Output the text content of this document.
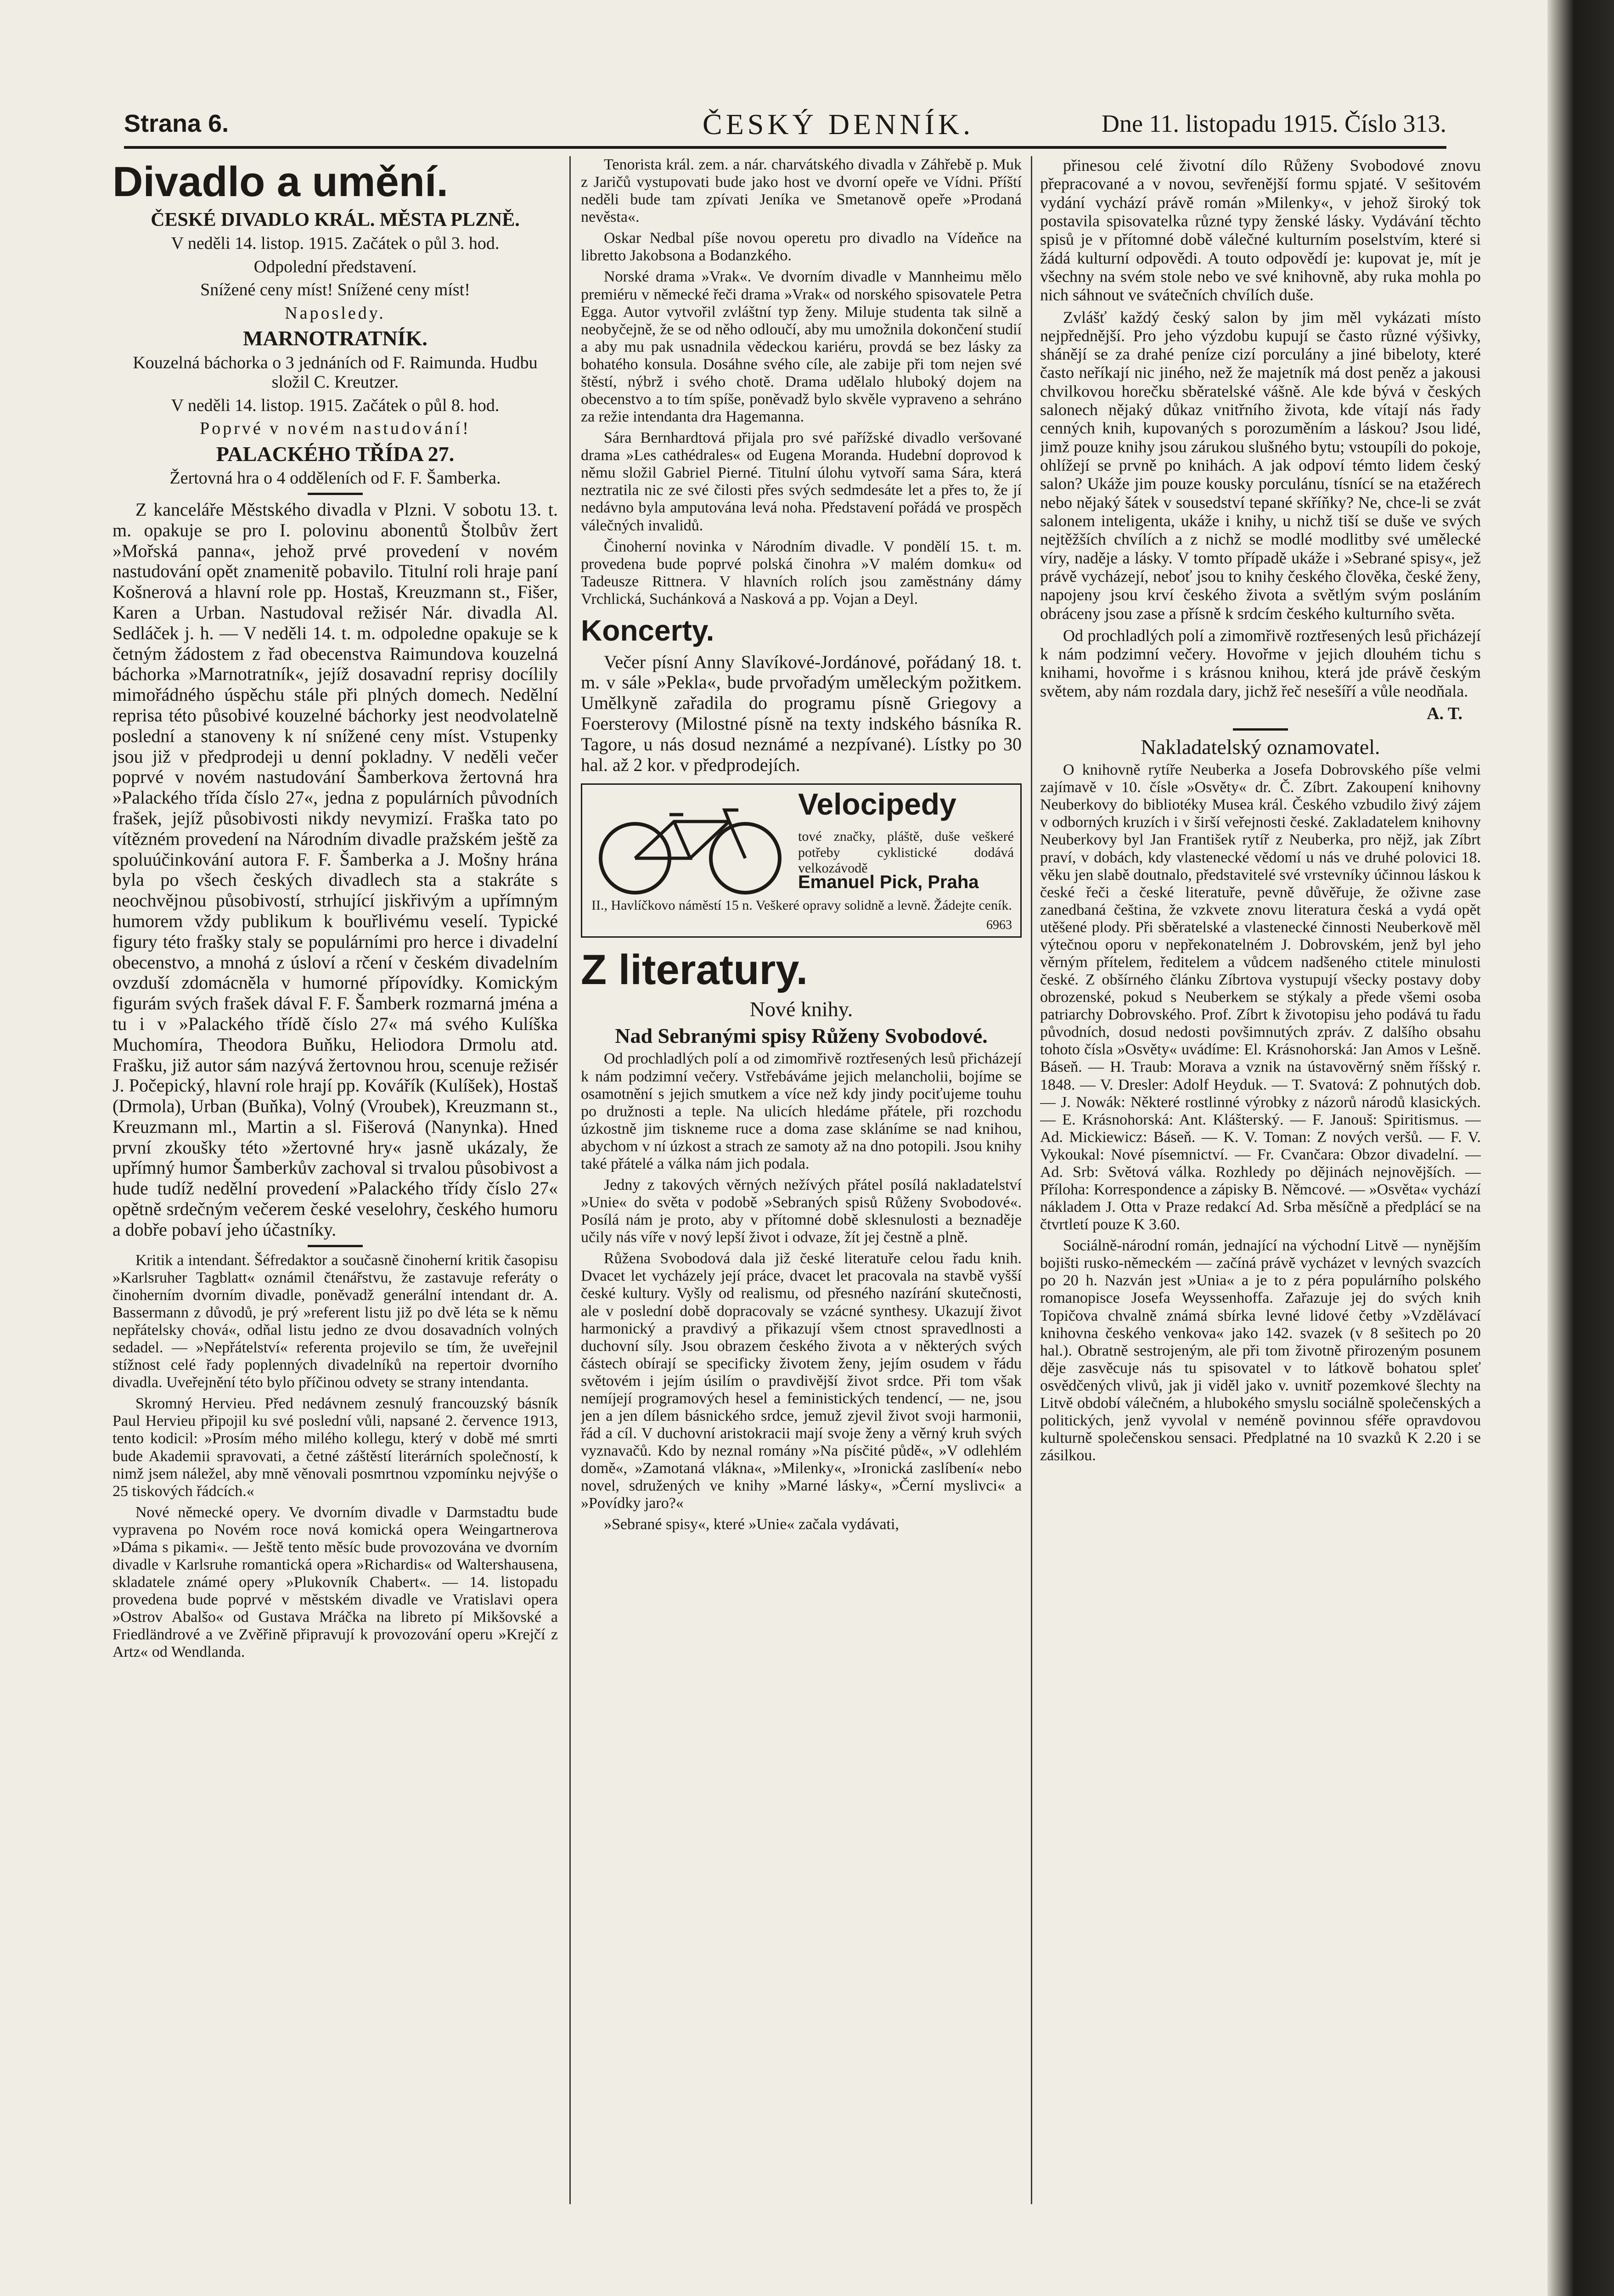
Strana 6.	ČESKÝ DENNÍK.	Dne 11. listopadu 1915. Číslo 313.
Divadlo a umění.
ČESKÉ DIVADLO KRÁL. MĚSTA PLZNĚ.

V neděli 14. listop. 1915. Začátek o půl 3. hod.

Odpolední představení.

Snížené ceny míst! Snížené ceny míst!

Naposledy.

MARNOTRATNÍK.

Kouzelná báchorka o 3 jednáních od F. Raimunda. Hudbu složil C. Kreutzer.

V neděli 14. listop. 1915. Začátek o půl 8. hod.

Poprvé v novém nastudování!

PALACKÉHO TŘÍDA 27.

Žertovná hra o 4 odděleních od F. F. Šamberka.

Z kanceláře Městského divadla v Plzni. V sobotu 13. t. m. opakuje se pro I. polovinu abonentů Štolbův žert »Mořská panna«, jehož prvé provedení v novém nastudování opět znamenitě pobavilo. Titulní roli hraje paní Košnerová a hlavní role pp. Hostaš, Kreuzmann st., Fišer, Karen a Urban. Nastudoval režisér Nár. divadla Al. Sedláček j. h. — V neděli 14. t. m. odpoledne opakuje se k četným žádostem z řad obecenstva Raimundova kouzelná báchorka »Marnotratník«, jejíž dosavadní reprisy docílily mimořádného úspěchu stále při plných domech. Nedělní reprisa této působivé kouzelné báchorky jest neodvolatelně poslední a stanoveny k ní snížené ceny míst. Vstupenky jsou již v předprodeji u denní pokladny. V neděli večer poprvé v novém nastudování Šamberkova žertovná hra »Palackého třída číslo 27«, jedna z populárních původních frašek, jejíž působivosti nikdy nevymizí. Fraška tato po vítězném provedení na Národním divadle pražském ještě za spoluúčinkování autora F. F. Šamberka a J. Mošny hrána byla po všech českých divadlech sta a stakráte s neochvějnou působivostí, strhující jiskřivým a upřímným humorem vždy publikum k bouřlivému veselí. Typické figury této frašky staly se populárními pro herce i divadelní obecenstvo, a mnohá z úsloví a rčení v českém divadelním ovzduší zdomácněla v humorné přípovídky. Komickým figurám svých frašek dával F. F. Šamberk rozmarná jména a tu i v »Palackého třídě číslo 27« má svého Kulíška Muchomíra, Theodora Buňku, Heliodora Drmolu atd. Frašku, již autor sám nazývá žertovnou hrou, scenuje režisér J. Počepický, hlavní role hrají pp. Kovářík (Kulíšek), Hostaš (Drmola), Urban (Buňka), Volný (Vroubek), Kreuzmann st., Kreuzmann ml., Martin a sl. Fišerová (Nanynka). Hned první zkoušky této »žertovné hry« jasně ukázaly, že upřímný humor Šamberkův zachoval si trvalou působivost a hude tudíž nedělní provedení »Palackého třídy číslo 27« opětně srdečným večerem české veselohry, českého humoru a dobře pobaví jeho účastníky.

Kritik a intendant. Šéfredaktor a současně činoherní kritik časopisu »Karlsruher Tagblatt« oznámil čtenářstvu, že zastavuje referáty o činoherním dvorním divadle, poněvadž generální intendant dr. A. Bassermann z důvodů, je prý »referent listu již po dvě léta se k němu nepřátelsky chová«, odňal listu jedno ze dvou dosavadních volných sedadel. — »Nepřátelství« referenta projevilo se tím, že uveřejnil stížnost celé řady poplenných divadelníků na repertoir dvorního divadla. Uveřejnění této bylo příčinou odvety se strany intendanta.

Skromný Hervieu. Před nedávnem zesnulý francouzský básník Paul Hervieu připojil ku své poslední vůli, napsané 2. července 1913, tento kodicil: »Prosím mého milého kollegu, který v době mé smrti bude Akademii spravovati, a četné záštěstí literárních společností, k nimž jsem náležel, aby mně věnovali posmrtnou vzpomínku nejvýše o 25 tiskových řádcích.«

Nové německé opery. Ve dvorním divadle v Darmstadtu bude vypravena po Novém roce nová komická opera Weingartnerova »Dáma s pikami«. — Ještě tento měsíc bude provozována ve dvorním divadle v Karlsruhe romantická opera »Richardis« od Waltershausena, skladatele známé opery »Plukovník Chabert«. — 14. listopadu provedena bude poprvé v městském divadle ve Vratislavi opera »Ostrov Abalšo« od Gustava Mráčka na libreto pí Mikšovské a Friedländrové a ve Zvěřině připravují k provozování operu »Krejčí z Artz« od Wendlanda.

Tenorista král. zem. a nár. charvátského divadla v Záhřebě p. Muk z Jaričů vystupovati bude jako host ve dvorní opeře ve Vídni. Příští neděli bude tam zpívati Jeníka ve Smetanově opeře »Prodaná nevěsta«.

Oskar Nedbal píše novou operetu pro divadlo na Vídeňce na libretto Jakobsona a Bodanzkého.

Norské drama »Vrak«. Ve dvorním divadle v Mannheimu mělo premiéru v německé řeči drama »Vrak« od norského spisovatele Petra Egga. Autor vytvořil zvláštní typ ženy. Miluje studenta tak silně a neobyčejně, že se od něho odloučí, aby mu umožnila dokončení studií a aby mu pak usnadnila vědeckou kariéru, provdá se bez lásky za bohatého konsula. Dosáhne svého cíle, ale zabije při tom nejen své štěstí, nýbrž i svého chotě. Drama udělalo hluboký dojem na obecenstvo a to tím spíše, poněvadž bylo skvěle vypraveno a sehráno za režie intendanta dra Hagemanna.

Sára Bernhardtová přijala pro své pařížské divadlo veršované drama »Les cathédrales« od Eugena Moranda. Hudební doprovod k němu složil Gabriel Pierné. Titulní úlohu vytvoří sama Sára, která neztratila nic ze své čilosti přes svých sedmdesáte let a přes to, že jí nedávno byla amputována levá noha. Představení pořádá ve prospěch válečných invalidů.

Činoherní novinka v Národním divadle. V pondělí 15. t. m. provedena bude poprvé polská činohra »V malém domku« od Tadeusze Rittnera. V hlavních rolích jsou zaměstnány dámy Vrchlická, Suchánková a Nasková a pp. Vojan a Deyl.

Koncerty.

Večer písní Anny Slavíkové-Jordánové, pořádaný 18. t. m. v sále »Pekla«, bude prvořadým uměleckým požitkem. Umělkyně zařadila do programu písně Griegovy a Foersterovy (Milostné písně na texty indského básníka R. Tagore, u nás dosud neznámé a nezpívané). Lístky po 30 hal. až 2 kor. v předprodejích.

Velocipedy
tové značky, pláště, duše veškeré potřeby cyklistické dodává velkozávodě
Emanuel Pick, Praha
II., Havlíčkovo náměstí 15 n. Veškeré opravy solidně a levně. Žádejte ceník.
6963
Z literatury.
Nové knihy.
Nad Sebranými spisy Růženy Svobodové.

Od prochladlých polí a od zimomřivě roztřesených lesů přicházejí k nám podzimní večery. Vstřebáváme jejich melancholii, bojíme se osamotnění s jejich smutkem a více než kdy jindy pociťujeme touhu po družnosti a teple. Na ulicích hledáme přátele, při rozchodu úzkostně jim tiskneme ruce a doma zase skláníme se nad knihou, abychom v ní úzkost a strach ze samoty až na dno potopili. Jsou knihy také přátelé a válka nám jich podala.

Jedny z takových věrných nežívých přátel posílá nakladatelství »Unie« do světa v podobě »Sebraných spisů Růženy Svobodové«. Posílá nám je proto, aby v přítomné době sklesnulosti a beznaděje učily nás víře v nový lepší život i odvaze, žít jej čestně a plně.

Růžena Svobodová dala již české literatuře celou řadu knih. Dvacet let vycházely její práce, dvacet let pracovala na stavbě vyšší české kultury. Vyšly od realismu, od přesného nazírání skutečnosti, ale v poslední době dopracovaly se vzácné synthesy. Ukazují život harmonický a pravdivý a přikazují všem ctnost spravedlnosti a duchovní síly. Jsou obrazem českého života a v některých svých částech obírají se specificky životem ženy, jejím osudem v řádu světovém i jejím úsilím o pravdivější život srdce. Při tom však nemíjejí programových hesel a feministických tendencí, — ne, jsou jen a jen dílem básnického srdce, jemuž zjevil život svoji harmonii, řád a cíl. V duchovní aristokracii mají svoje ženy a věrný kruh svých vyznavačů. Kdo by neznal romány »Na písčité půdě«, »V odlehlém domě«, »Zamotaná vlákna«, »Milenky«, »Ironická zaslíbení« nebo novel, sdružených ve knihy »Marné lásky«, »Černí myslivci« a »Povídky jaro?«

»Sebrané spisy«, které »Unie« začala vydávati,

přinesou celé životní dílo Růženy Svobodové znovu přepracované a v novou, sevřenější formu spjaté. V sešitovém vydání vychází právě román »Milenky«, v jehož široký tok postavila spisovatelka různé typy ženské lásky. Vydávání těchto spisů je v přítomné době válečné kulturním poselstvím, které si žádá kulturní odpovědi. A touto odpovědí je: kupovat je, mít je všechny na svém stole nebo ve své knihovně, aby ruka mohla po nich sáhnout ve svátečních chvílích duše.

Zvlášť každý český salon by jim měl vykázati místo nejpřednější. Pro jeho výzdobu kupují se často různé výšivky, shánějí se za drahé peníze cizí porculány a jiné bibeloty, které často neříkají nic jiného, než že majetník má dost peněz a jakousi chvilkovou horečku sběratelské vášně. Ale kde bývá v českých salonech nějaký důkaz vnitřního života, kde vítají nás řady cenných knih, kupovaných s porozuměním a láskou? Jsou lidé, jimž pouze knihy jsou zárukou slušného bytu; vstoupíli do pokoje, ohlížejí se prvně po knihách. A jak odpoví témto lidem český salon? Ukáže jim pouze kousky porculánu, tísnící se na etažérech nebo nějaký šátek v sousedství tepané skříňky? Ne, chce-li se zvát salonem inteligenta, ukáže i knihy, u nichž tiší se duše ve svých nejtěžších chvílích a z nichž se modlé modlitby své umělecké víry, naděje a lásky. V tomto případě ukáže i »Sebrané spisy«, jež právě vycházejí, neboť jsou to knihy českého člověka, české ženy, napojeny jsou krví českého života a světlým svým posláním obráceny jsou zase a přísně k srdcím českého kulturního světa.

Od prochladlých polí a zimomřivě roztřesených lesů přicházejí k nám podzimní večery. Hovořme v jejich dlouhém tichu s knihami, hovořme i s krásnou knihou, která jde právě českým světem, aby nám rozdala dary, jichž řeč nesešíří a vůle neodňala.

A. T.
Nakladatelský oznamovatel.

O knihovně rytíře Neuberka a Josefa Dobrovského píše velmi zajímavě v 10. čísle »Osvěty« dr. Č. Zíbrt. Zakoupení knihovny Neuberkovy do bibliotéky Musea král. Českého vzbudilo živý zájem v odborných kruzích i v širší veřejnosti české. Zakladatelem knihovny Neuberkovy byl Jan František rytíř z Neuberka, pro nějž, jak Zíbrt praví, v dobách, kdy vlastenecké vědomí u nás ve druhé polovici 18. věku jen slabě doutnalo, představitelé své vrstevníky účinnou láskou k české řeči a české literatuře, pevně důvěřuje, že oživne zase zanedbaná čeština, že vzkvete znovu literatura česká a vydá opět utěšené plody. Při sběratelské a vlastenecké činnosti Neuberkově měl výtečnou oporu v nepřekonatelném J. Dobrovském, jenž byl jeho věrným přítelem, ředitelem a vůdcem nadšeného ctitele minulosti české. Z obšírného článku Zíbrtova vystupují všecky postavy doby obrozenské, pokud s Neuberkem se stýkaly a přede všemi osoba patriarchy Dobrovského. Prof. Zíbrt k životopisu jeho podává tu řadu původních, dosud nedosti povšimnutých zpráv. Z dalšího obsahu tohoto čísla »Osvěty« uvádíme: El. Krásnohorská: Jan Amos v Lešně. Báseň. — H. Traub: Morava a vznik na ústavověrný sněm říšský r. 1848. — V. Dresler: Adolf Heyduk. — T. Svatová: Z pohnutých dob. — J. Nowák: Některé rostlinné výrobky z názorů národů klasických. — E. Krásnohorská: Ant. Klášterský. — F. Janouš: Spiritismus. — Ad. Mickiewicz: Báseň. — K. V. Toman: Z nových veršů. — F. V. Vykoukal: Nové písemnictví. — Fr. Cvančara: Obzor divadelní. — Ad. Srb: Světová válka. Rozhledy po dějinách nejnovějších. — Příloha: Korrespondence a zápisky B. Němcové. — »Osvěta« vychází nákladem J. Otta v Praze redakcí Ad. Srba měsíčně a předplácí se na čtvrtletí pouze K 3.60.

Sociálně-národní román, jednající na východní Litvě — nynějším bojišti rusko-německém — začíná právě vycházet v levných svazcích po 20 h. Nazván jest »Unia« a je to z péra populárního polského romanopisce Josefa Weyssenhoffa. Zařazuje jej do svých knih Topičova chvalně známá sbírka levné lidové četby »Vzdělávací knihovna českého venkova« jako 142. svazek (v 8 sešitech po 20 hal.). Obratně sestrojeným, ale při tom životně přirozeným posunem děje zasvěcuje nás tu spisovatel v to látkově bohatou spleť osvědčených vlivů, jak ji viděl jako v. uvnitř pozemkové šlechty na Litvě období válečném, a hlubokého smyslu sociálně společenských a politických, jenž vyvolal v neméně povinnou sféře opravdovou kulturně společenskou sensaci. Předplatné na 10 svazků K 2.20 i se zásilkou.
